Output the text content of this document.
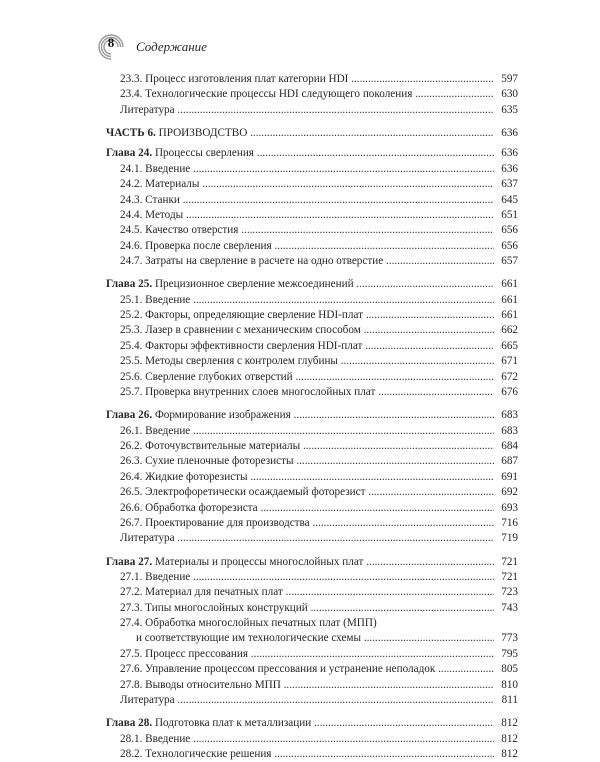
8	Содержание
23.3. Процесс изготовления плат категории HDI .....	597
23.4. Технологические процессы HDI следующего поколения .....	630
Литература .....	635
ЧАСТЬ 6. ПРОИЗВОДСТВО .....	636
Глава 24. Процессы сверления .....	636
24.1. Введение .....	636
24.2. Материалы .....	637
24.3. Станки .....	645
24.4. Методы .....	651
24.5. Качество отверстия .....	656
24.6. Проверка после сверления .....	656
24.7. Затраты на сверление в расчете на одно отверстие .....	657
Глава 25. Прецизионное сверление межсоединений .....	661
25.1. Введение .....	661
25.2. Факторы, определяющие сверление HDI-плат .....	661
25.3. Лазер в сравнении с механическим способом .....	662
25.4. Факторы эффективности сверления HDI-плат .....	665
25.5. Методы сверления с контролем глубины .....	671
25.6. Сверление глубоких отверстий .....	672
25.7. Проверка внутренних слоев многослойных плат .....	676
Глава 26. Формирование изображения .....	683
26.1. Введение .....	683
26.2. Фоточувствительные материалы .....	684
26.3. Сухие пленочные фоторезисты .....	687
26.4. Жидкие фоторезисты .....	691
26.5. Электрофоретически осаждаемый фоторезист .....	692
26.6. Обработка фоторезиста .....	693
26.7. Проектирование для производства .....	716
Литература .....	719
Глава 27. Материалы и процессы многослойных плат .....	721
27.1. Введение .....	721
27.2. Материал для печатных плат .....	723
27.3. Типы многослойных конструкций .....	743
27.4. Обработка многослойных печатных плат (МПП)
и соответствующие им технологические схемы .....	773
27.5. Процесс прессования .....	795
27.6. Управление процессом прессования и устранение неполадок .....	805
27.8. Выводы относительно МПП .....	810
Литература .....	811
Глава 28. Подготовка плат к металлизации .....	812
28.1. Введение .....	812
28.2. Технологические решения .....	812
